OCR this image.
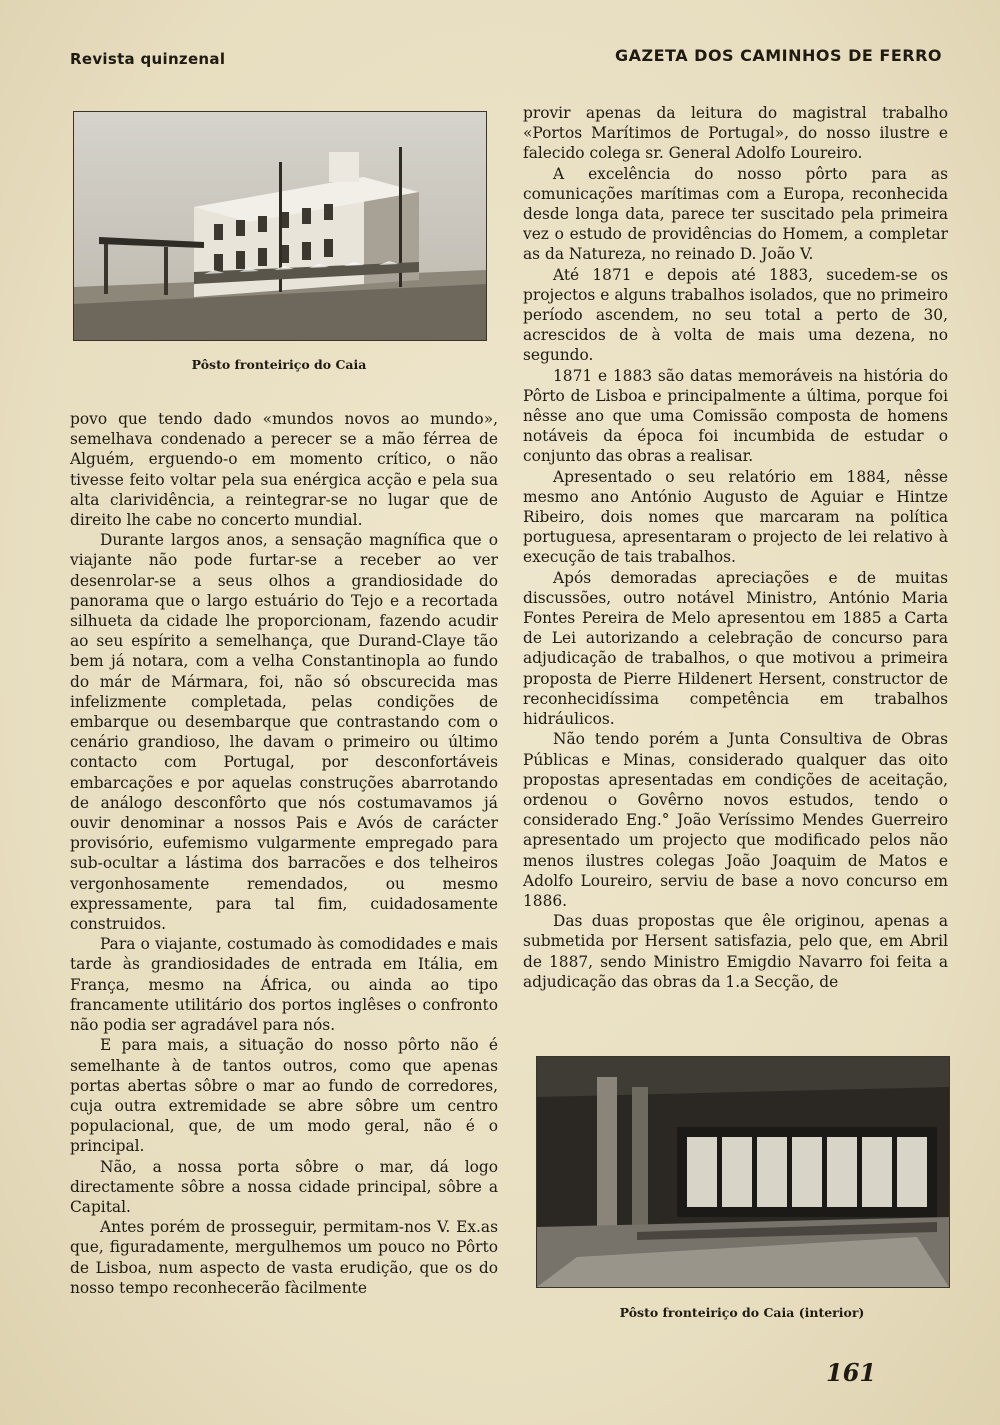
Revista quinzenal	GAZETA DOS CAMINHOS DE FERRO
Pôsto fronteiriço do Caia

povo que tendo dado «mundos novos ao mundo», semelhava condenado a perecer se a mão férrea de Alguém, erguendo-o em momento crítico, o não tivesse feito voltar pela sua enérgica acção e pela sua alta clarividência, a reintegrar-se no lugar que de direito lhe cabe no concerto mundial.

Durante largos anos, a sensação magnífica que o viajante não pode furtar-se a receber ao ver desenrolar-se a seus olhos a grandiosidade do panorama que o largo estuário do Tejo e a recortada silhueta da cidade lhe proporcionam, fazendo acudir ao seu espírito a semelhança, que Durand-Claye tão bem já notara, com a velha Constantinopla ao fundo do már de Mármara, foi, não só obscurecida mas infelizmente completada, pelas condições de embarque ou desembarque que contrastando com o cenário grandioso, lhe davam o primeiro ou último contacto com Portugal, por desconfortáveis embarcações e por aquelas construções abarrotando de análogo desconfôrto que nós costumavamos já ouvir denominar a nossos Pais e Avós de carácter provisório, eufemismo vulgarmente empregado para sub-ocultar a lástima dos barracões e dos telheiros vergonhosamente remendados, ou mesmo expressamente, para tal fim, cuidadosamente construidos.

Para o viajante, costumado às comodidades e mais tarde às grandiosidades de entrada em Itália, em França, mesmo na África, ou ainda ao tipo francamente utilitário dos portos inglêses o confronto não podia ser agradável para nós.

E para mais, a situação do nosso pôrto não é semelhante à de tantos outros, como que apenas portas abertas sôbre o mar ao fundo de corredores, cuja outra extremidade se abre sôbre um centro populacional, que, de um modo geral, não é o principal.

Não, a nossa porta sôbre o mar, dá logo directamente sôbre a nossa cidade principal, sôbre a Capital.

Antes porém de prosseguir, permitam-nos V. Ex.as que, figuradamente, mergulhemos um pouco no Pôrto de Lisboa, num aspecto de vasta erudição, que os do nosso tempo reconhecerão fàcilmente

provir apenas da leitura do magistral trabalho «Portos Marítimos de Portugal», do nosso ilustre e falecido colega sr. General Adolfo Loureiro.

A excelência do nosso pôrto para as comunicações marítimas com a Europa, reconhecida desde longa data, parece ter suscitado pela primeira vez o estudo de providências do Homem, a completar as da Natureza, no reinado D. João V.

Até 1871 e depois até 1883, sucedem-se os projectos e alguns trabalhos isolados, que no primeiro período ascendem, no seu total a perto de 30, acrescidos de à volta de mais uma dezena, no segundo.

1871 e 1883 são datas memoráveis na história do Pôrto de Lisboa e principalmente a última, porque foi nêsse ano que uma Comissão composta de homens notáveis da época foi incumbida de estudar o conjunto das obras a realisar.

Apresentado o seu relatório em 1884, nêsse mesmo ano António Augusto de Aguiar e Hintze Ribeiro, dois nomes que marcaram na política portuguesa, apresentaram o projecto de lei relativo à execução de tais trabalhos.

Após demoradas apreciações e de muitas discussões, outro notável Ministro, António Maria Fontes Pereira de Melo apresentou em 1885 a Carta de Lei autorizando a celebração de concurso para adjudicação de trabalhos, o que motivou a primeira proposta de Pierre Hildenert Hersent, constructor de reconhecidíssima competência em trabalhos hidráulicos.

Não tendo porém a Junta Consultiva de Obras Públicas e Minas, considerado qualquer das oito propostas apresentadas em condições de aceitação, ordenou o Govêrno novos estudos, tendo o considerado Eng.° João Veríssimo Mendes Guerreiro apresentado um projecto que modificado pelos não menos ilustres colegas João Joaquim de Matos e Adolfo Loureiro, serviu de base a novo concurso em 1886.

Das duas propostas que êle originou, apenas a submetida por Hersent satisfazia, pelo que, em Abril de 1887, sendo Ministro Emigdio Navarro foi feita a adjudicação das obras da 1.a Secção, de

Pôsto fronteiriço do Caia (interior)
161
